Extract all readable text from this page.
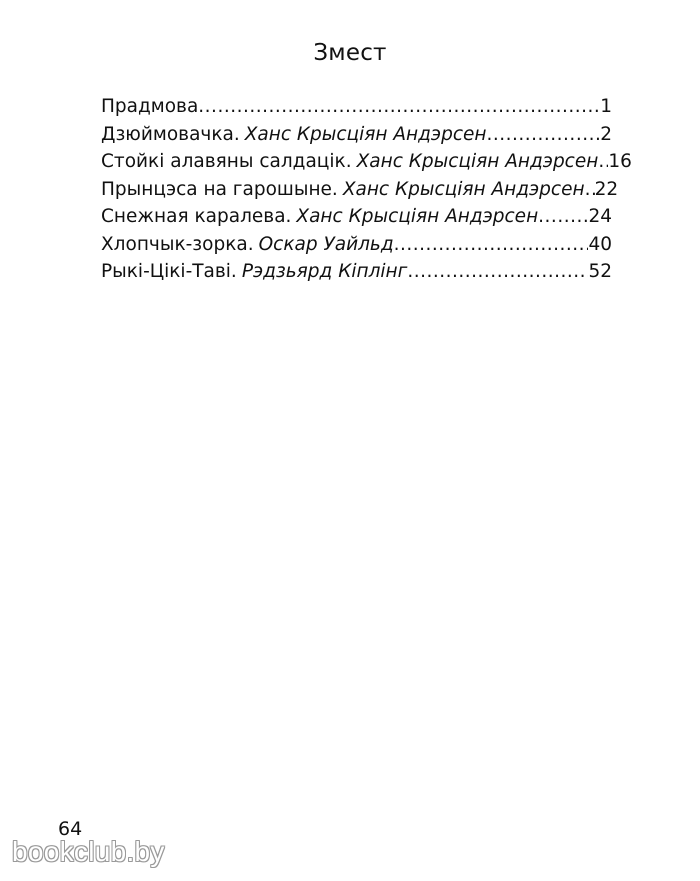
Змест
Прадмова .....	1
Дзюймовачка. Ханс Крысціян Андэрсен .....	2
Стойкі алавяны салдацік. Ханс Крысціян Андэрсен ..... 16
Прынцэса на гарошыне. Ханс Крысціян Андэрсен ..... 22
Снежная каралева. Ханс Крысціян Андэрсен .....	24
Хлопчык-зорка. Оскар Уайльд .....	40
Рыкі-Цікі-Таві. Рэдзьярд Кіплінг .....	52
64
bookclub.by
